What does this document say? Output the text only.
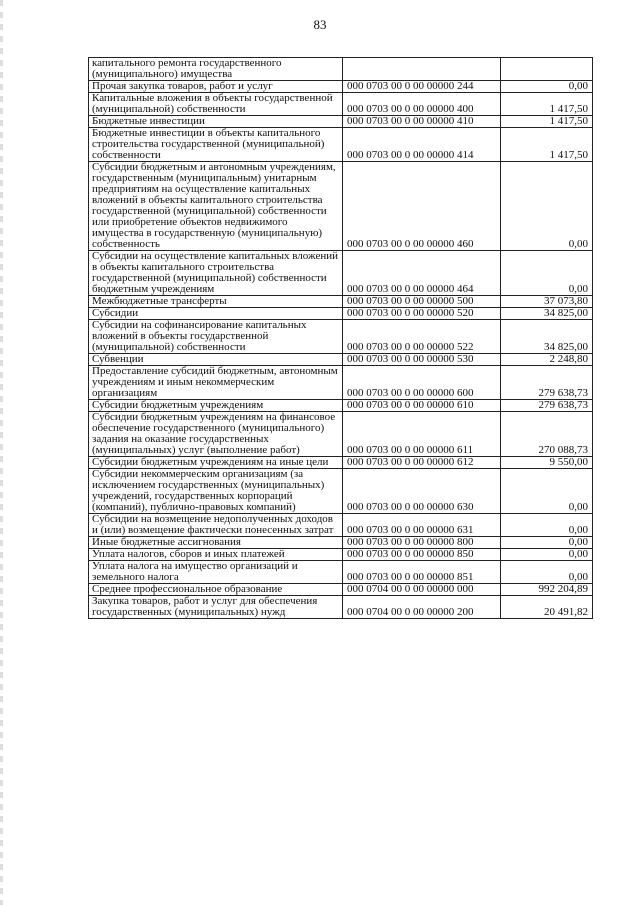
83
капитального ремонта государственного (муниципального) имущества		
Прочая закупка товаров, работ и услуг	000 0703 00 0 00 00000 244	0,00
Капитальные вложения в объекты государственной (муниципальной) собственности	000 0703 00 0 00 00000 400	1 417,50
Бюджетные инвестиции	000 0703 00 0 00 00000 410	1 417,50
Бюджетные инвестиции в объекты капитального строительства государственной (муниципальной) собственности	000 0703 00 0 00 00000 414	1 417,50
Субсидии бюджетным и автономным учреждениям, государственным (муниципальным) унитарным предприятиям на осуществление капитальных вложений в объекты капитального строительства государственной (муниципальной) собственности или приобретение объектов недвижимого имущества в государственную (муниципальную) собственность	000 0703 00 0 00 00000 460	0,00
Субсидии на осуществление капитальных вложений в объекты капитального строительства государственной (муниципальной) собственности бюджетным учреждениям	000 0703 00 0 00 00000 464	0,00
Межбюджетные трансферты	000 0703 00 0 00 00000 500	37 073,80
Субсидии	000 0703 00 0 00 00000 520	34 825,00
Субсидии на софинансирование капитальных вложений в объекты государственной (муниципальной) собственности	000 0703 00 0 00 00000 522	34 825,00
Субвенции	000 0703 00 0 00 00000 530	2 248,80
Предоставление субсидий бюджетным, автономным учреждениям и иным некоммерческим организациям	000 0703 00 0 00 00000 600	279 638,73
Субсидии бюджетным учреждениям	000 0703 00 0 00 00000 610	279 638,73
Субсидии бюджетным учреждениям на финансовое обеспечение государственного (муниципального) задания на оказание государственных (муниципальных) услуг (выполнение работ)	000 0703 00 0 00 00000 611	270 088,73
Субсидии бюджетным учреждениям на иные цели	000 0703 00 0 00 00000 612	9 550,00
Субсидии некоммерческим организациям (за исключением государственных (муниципальных) учреждений, государственных корпораций (компаний), публично-правовых компаний)	000 0703 00 0 00 00000 630	0,00
Субсидии на возмещение недополученных доходов и (или) возмещение фактически понесенных затрат	000 0703 00 0 00 00000 631	0,00
Иные бюджетные ассигнования	000 0703 00 0 00 00000 800	0,00
Уплата налогов, сборов и иных платежей	000 0703 00 0 00 00000 850	0,00
Уплата налога на имущество организаций и земельного налога	000 0703 00 0 00 00000 851	0,00
Среднее профессиональное образование	000 0704 00 0 00 00000 000	992 204,89
Закупка товаров, работ и услуг для обеспечения государственных (муниципальных) нужд	000 0704 00 0 00 00000 200	20 491,82
